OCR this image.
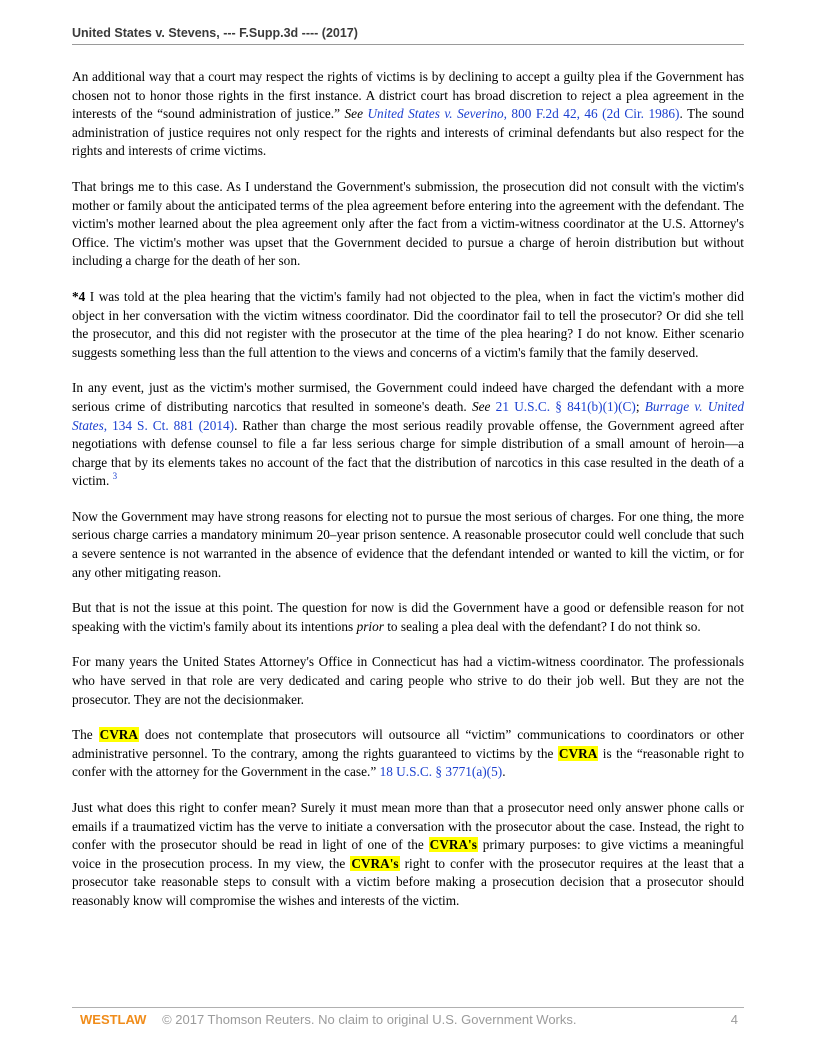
United States v. Stevens, --- F.Supp.3d ---- (2017)

An additional way that a court may respect the rights of victims is by declining to accept a guilty plea if the Government has chosen not to honor those rights in the first instance. A district court has broad discretion to reject a plea agreement in the interests of the “sound administration of justice.” See United States v. Severino, 800 F.2d 42, 46 (2d Cir. 1986). The sound administration of justice requires not only respect for the rights and interests of criminal defendants but also respect for the rights and interests of crime victims.

That brings me to this case. As I understand the Government's submission, the prosecution did not consult with the victim's mother or family about the anticipated terms of the plea agreement before entering into the agreement with the defendant. The victim's mother learned about the plea agreement only after the fact from a victim-witness coordinator at the U.S. Attorney's Office. The victim's mother was upset that the Government decided to pursue a charge of heroin distribution but without including a charge for the death of her son.

*4 I was told at the plea hearing that the victim's family had not objected to the plea, when in fact the victim's mother did object in her conversation with the victim witness coordinator. Did the coordinator fail to tell the prosecutor? Or did she tell the prosecutor, and this did not register with the prosecutor at the time of the plea hearing? I do not know. Either scenario suggests something less than the full attention to the views and concerns of a victim's family that the family deserved.

In any event, just as the victim's mother surmised, the Government could indeed have charged the defendant with a more serious crime of distributing narcotics that resulted in someone's death. See 21 U.S.C. § 841(b)(1)(C); Burrage v. United States, 134 S. Ct. 881 (2014). Rather than charge the most serious readily provable offense, the Government agreed after negotiations with defense counsel to file a far less serious charge for simple distribution of a small amount of heroin—a charge that by its elements takes no account of the fact that the distribution of narcotics in this case resulted in the death of a victim. $^3$

Now the Government may have strong reasons for electing not to pursue the most serious of charges. For one thing, the more serious charge carries a mandatory minimum 20–year prison sentence. A reasonable prosecutor could well conclude that such a severe sentence is not warranted in the absence of evidence that the defendant intended or wanted to kill the victim, or for any other mitigating reason.

But that is not the issue at this point. The question for now is did the Government have a good or defensible reason for not speaking with the victim's family about its intentions prior to sealing a plea deal with the defendant? I do not think so.

For many years the United States Attorney's Office in Connecticut has had a victim-witness coordinator. The professionals who have served in that role are very dedicated and caring people who strive to do their job well. But they are not the prosecutor. They are not the decisionmaker.

The CVRA does not contemplate that prosecutors will outsource all “victim” communications to coordinators or other administrative personnel. To the contrary, among the rights guaranteed to victims by the CVRA is the “reasonable right to confer with the attorney for the Government in the case.” 18 U.S.C. § 3771(a)(5).

Just what does this right to confer mean? Surely it must mean more than that a prosecutor need only answer phone calls or emails if a traumatized victim has the verve to initiate a conversation with the prosecutor about the case. Instead, the right to confer with the prosecutor should be read in light of one of the CVRA's primary purposes: to give victims a meaningful voice in the prosecution process. In my view, the CVRA's right to confer with the prosecutor requires at the least that a prosecutor take reasonable steps to consult with a victim before making a prosecution decision that a prosecutor should reasonably know will compromise the wishes and interests of the victim.

WESTLAW © 2017 Thomson Reuters. No claim to original U.S. Government Works.	4
